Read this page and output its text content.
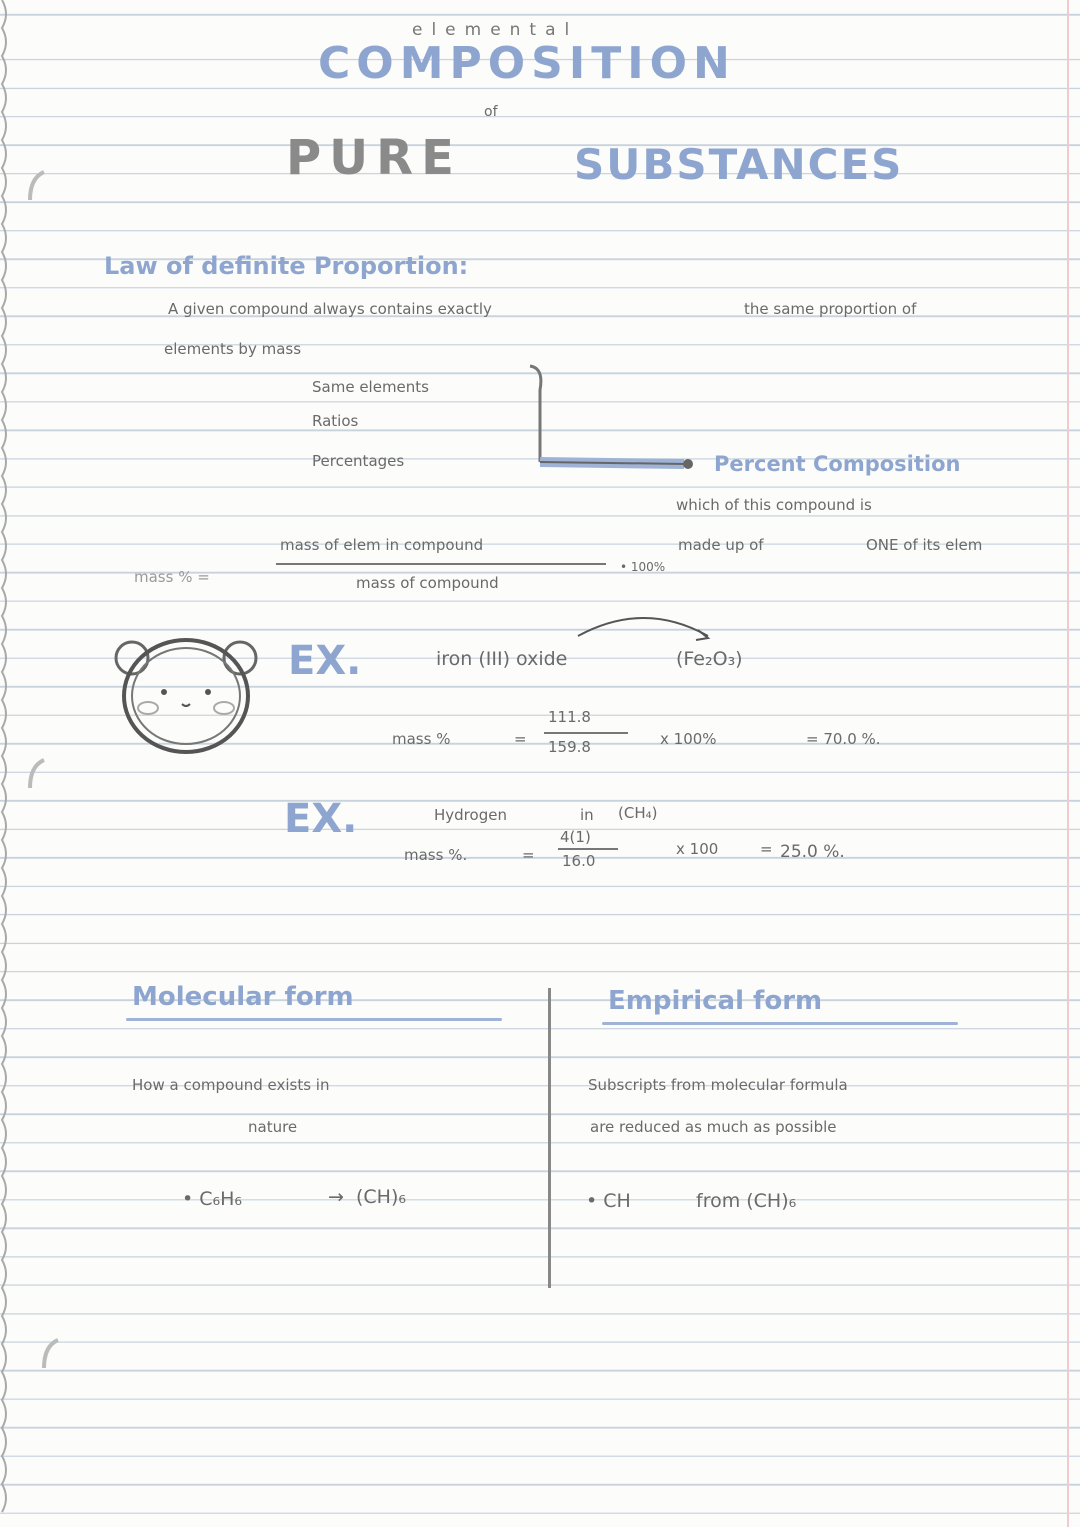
elemental
COMPOSITION
of
PURE	SUBSTANCES
Law of definite Proportion:
A given compound always contains exactly	the same proportion of
elements by mass
Same elements
Ratios
Percentages	Percent Composition
which of this compound is
made up of	ONE of its elem
mass % =
mass of elem in compound
mass of compound
• 100%
EX.	iron (III) oxide	(Fe₂O₃)
mass %	=
111.8
159.8	x 100%	= 70.0 %.
EX.	Hydrogen	in (CH₄)
mass %.	=
4(1)
16.0
x 100	= 25.0 %.
Molecular form	Empirical form
How a compound exists in
nature
• C₆H₆	→ (CH)₆
Subscripts from molecular formula
are reduced as much as possible
• CH	from (CH)₆
